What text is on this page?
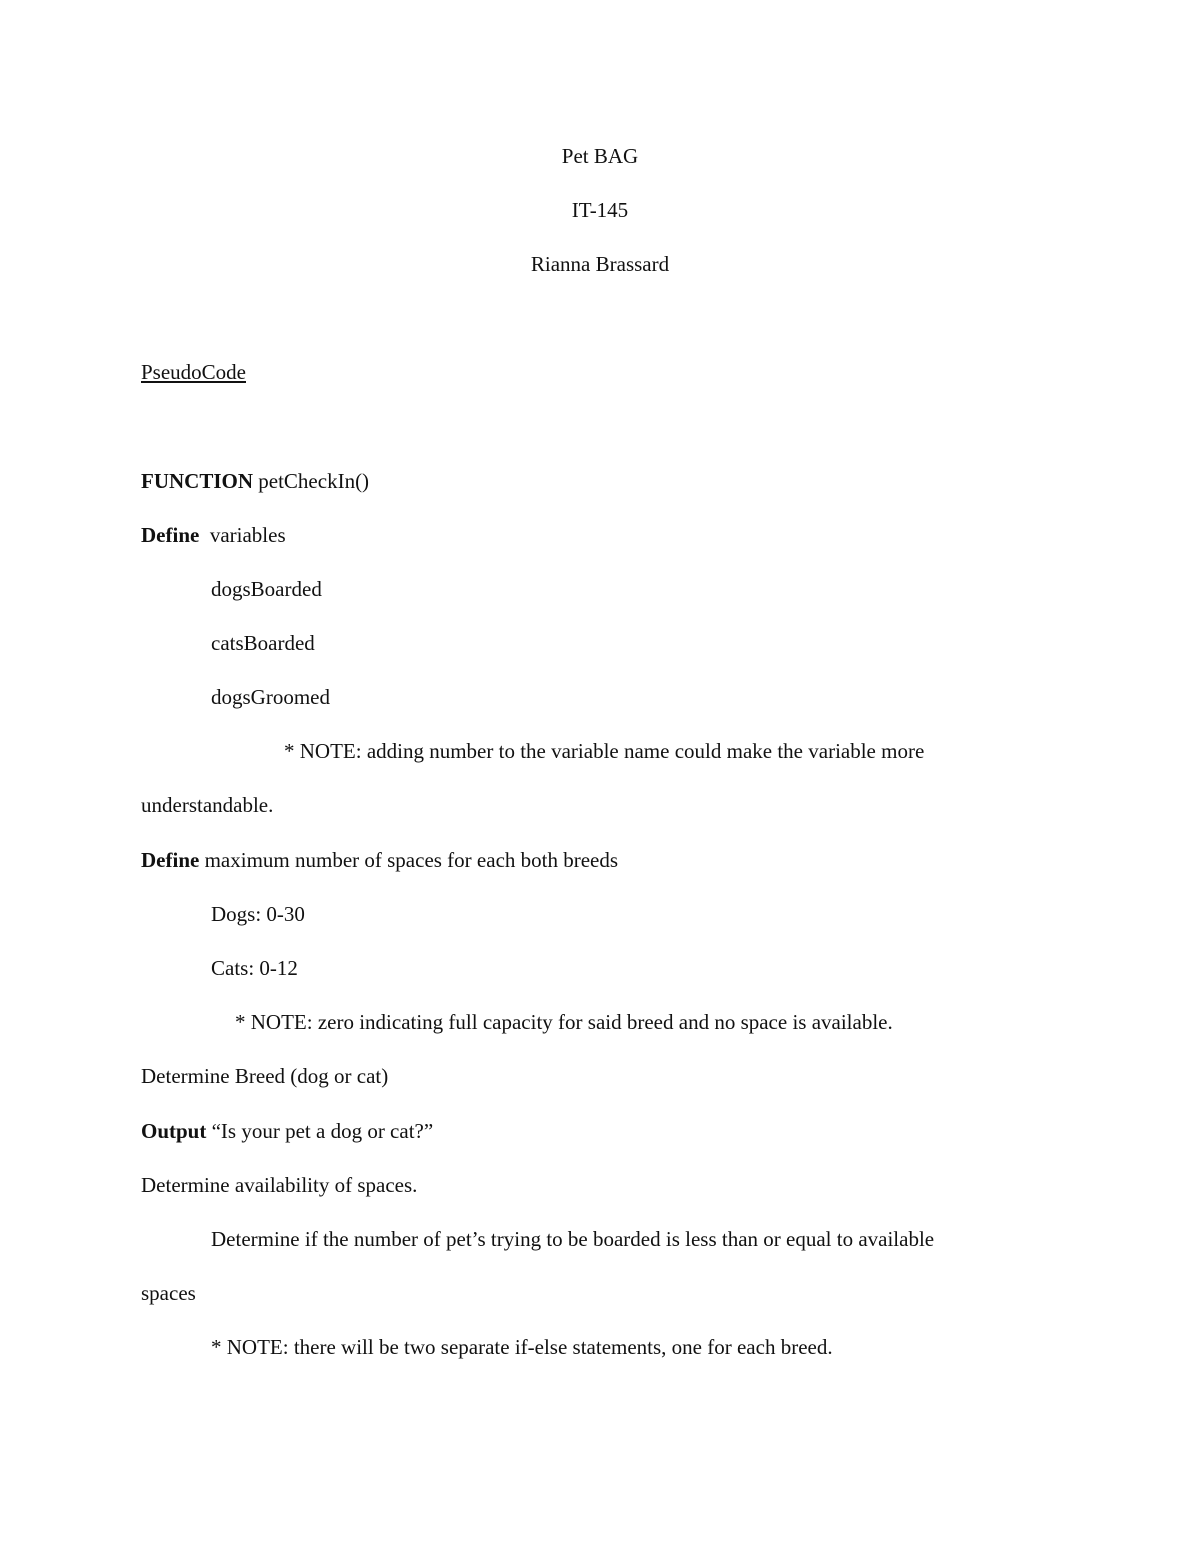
Pet BAG
IT-145
Rianna Brassard
PseudoCode
FUNCTION petCheckIn()
Define  variables
dogsBoarded
catsBoarded
dogsGroomed
* NOTE: adding number to the variable name could make the variable more
understandable.
Define maximum number of spaces for each both breeds
Dogs: 0-30
Cats: 0-12
* NOTE: zero indicating full capacity for said breed and no space is available.
Determine Breed (dog or cat)
Output “Is your pet a dog or cat?”
Determine availability of spaces.
Determine if the number of pet’s trying to be boarded is less than or equal to available
spaces
* NOTE: there will be two separate if-else statements, one for each breed.
